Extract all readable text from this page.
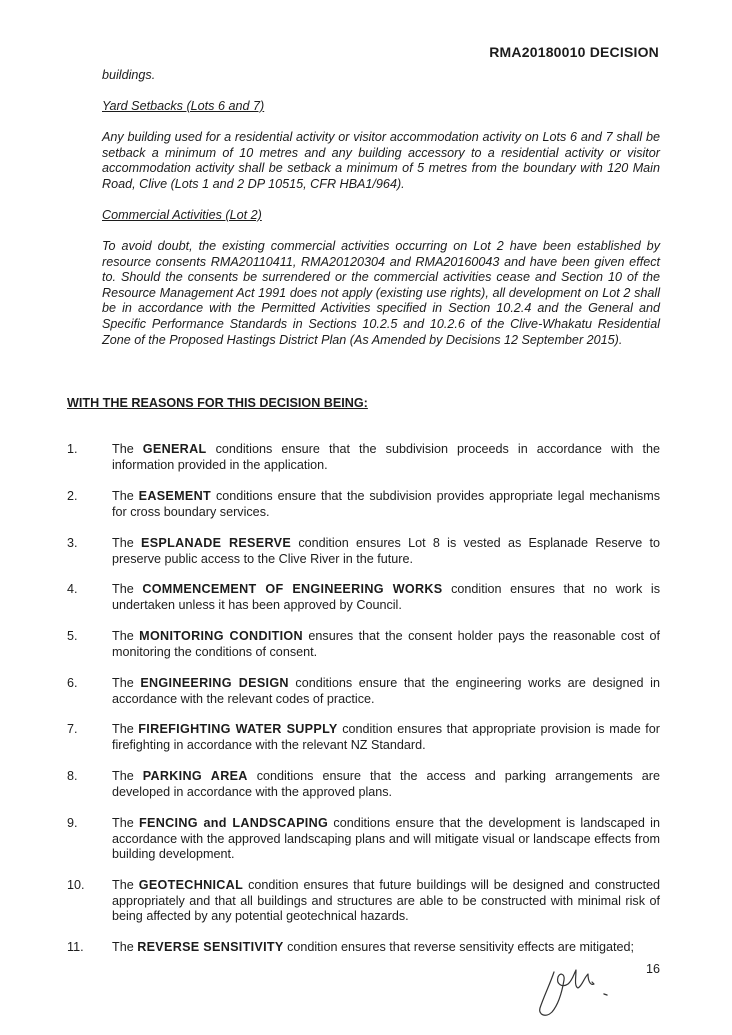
RMA20180010 DECISION
buildings.
Yard Setbacks (Lots 6 and 7)
Any building used for a residential activity or visitor accommodation activity on Lots 6 and 7 shall be setback a minimum of 10 metres and any building accessory to a residential activity or visitor accommodation activity shall be setback a minimum of 5 metres from the boundary with 120 Main Road, Clive (Lots 1 and 2 DP 10515, CFR HBA1/964).
Commercial Activities (Lot 2)
To avoid doubt, the existing commercial activities occurring on Lot 2 have been established by resource consents RMA20110411, RMA20120304 and RMA20160043 and have been given effect to. Should the consents be surrendered or the commercial activities cease and Section 10 of the Resource Management Act 1991 does not apply (existing use rights), all development on Lot 2 shall be in accordance with the Permitted Activities specified in Section 10.2.4 and the General and Specific Performance Standards in Sections 10.2.5 and 10.2.6 of the Clive-Whakatu Residential Zone of the Proposed Hastings District Plan (As Amended by Decisions 12 September 2015).
WITH THE REASONS FOR THIS DECISION BEING:
1.	The GENERAL conditions ensure that the subdivision proceeds in accordance with the information provided in the application.
2.	The EASEMENT conditions ensure that the subdivision provides appropriate legal mechanisms for cross boundary services.
3.	The ESPLANADE RESERVE condition ensures Lot 8 is vested as Esplanade Reserve to preserve public access to the Clive River in the future.
4.	The COMMENCEMENT OF ENGINEERING WORKS condition ensures that no work is undertaken unless it has been approved by Council.
5.	The MONITORING CONDITION ensures that the consent holder pays the reasonable cost of monitoring the conditions of consent.
6.	The ENGINEERING DESIGN conditions ensure that the engineering works are designed in accordance with the relevant codes of practice.
7.	The FIREFIGHTING WATER SUPPLY condition ensures that appropriate provision is made for firefighting in accordance with the relevant NZ Standard.
8.	The PARKING AREA conditions ensure that the access and parking arrangements are developed in accordance with the approved plans.
9.	The FENCING and LANDSCAPING conditions ensure that the development is landscaped in accordance with the approved landscaping plans and will mitigate visual or landscape effects from building development.
10.	The GEOTECHNICAL condition ensures that future buildings will be designed and constructed appropriately and that all buildings and structures are able to be constructed with minimal risk of being affected by any potential geotechnical hazards.
11.	The REVERSE SENSITIVITY condition ensures that reverse sensitivity effects are mitigated;
16
